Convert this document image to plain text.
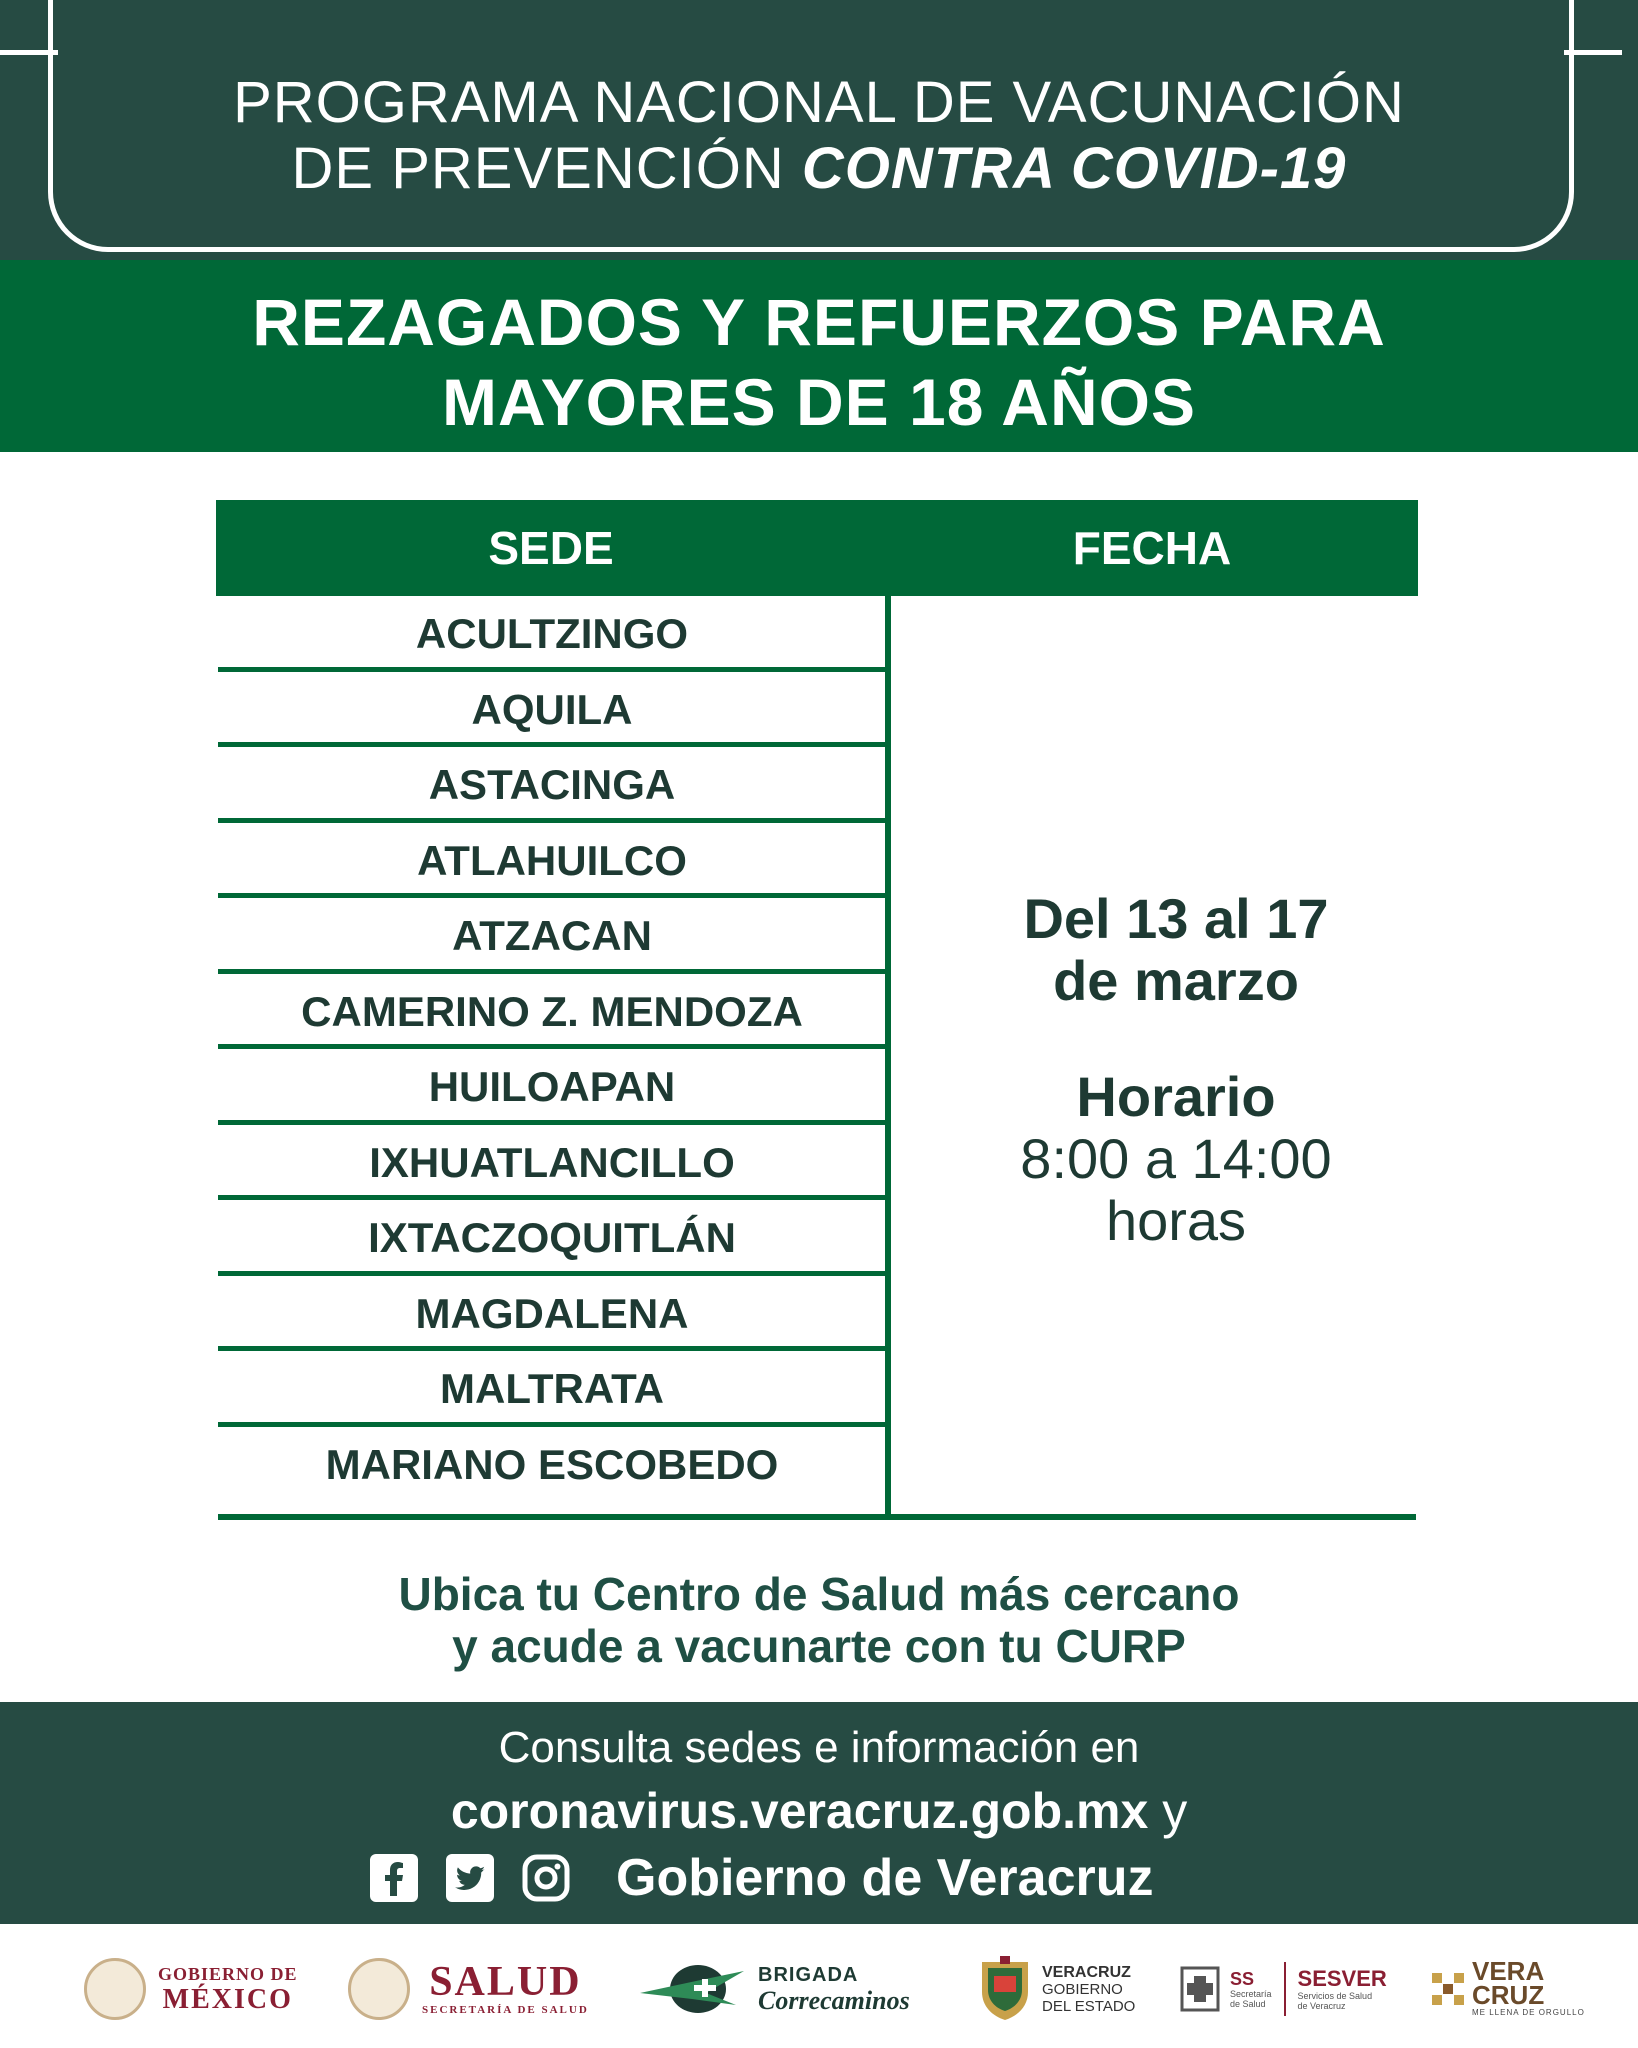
PROGRAMA NACIONAL DE VACUNACIÓN
DE PREVENCIÓN CONTRA COVID-19
REZAGADOS Y REFUERZOS PARA
MAYORES DE 18 AÑOS
SEDE	FECHA
ACULTZINGO
AQUILA
ASTACINGA
ATLAHUILCO
ATZACAN
CAMERINO Z. MENDOZA
HUILOAPAN
IXHUATLANCILLO
IXTACZOQUITLÁN
MAGDALENA
MALTRATA
MARIANO ESCOBEDO
Del 13 al 17
de marzo
Horario
8:00 a 14:00
horas
Ubica tu Centro de Salud más cercano
y acude a vacunarte con tu CURP
Consulta sedes e información en
coronavirus.veracruz.gob.mx y
Gobierno de Veracruz
GOBIERNO DE
MÉXICO	SALUD
SECRETARÍA DE SALUD
BRIGADA
Correcaminos
VERACRUZ
GOBIERNO
DEL ESTADO
SS
Secretaría
de Salud
SESVER
Servicios de Salud
de Veracruz
VERA
CRUZ
ME LLENA DE ORGULLO
